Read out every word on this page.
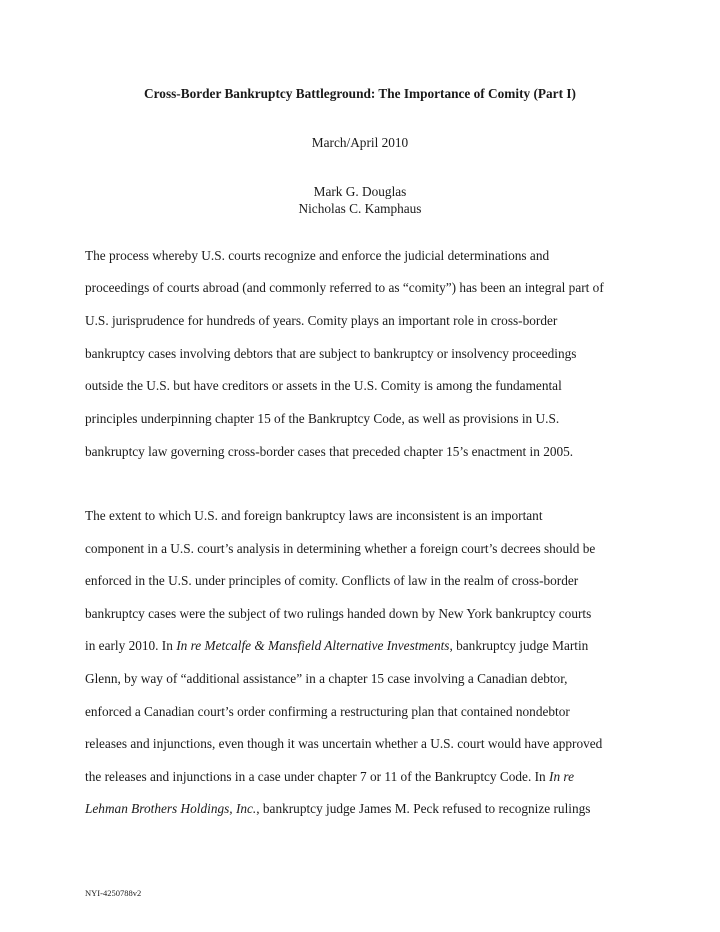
Cross-Border Bankruptcy Battleground: The Importance of Comity (Part I)
March/April 2010
Mark G. Douglas
Nicholas C. Kamphaus
The process whereby U.S. courts recognize and enforce the judicial determinations and
proceedings of courts abroad (and commonly referred to as “comity”) has been an integral part of
U.S. jurisprudence for hundreds of years. Comity plays an important role in cross-border
bankruptcy cases involving debtors that are subject to bankruptcy or insolvency proceedings
outside the U.S. but have creditors or assets in the U.S. Comity is among the fundamental
principles underpinning chapter 15 of the Bankruptcy Code, as well as provisions in U.S.
bankruptcy law governing cross-border cases that preceded chapter 15’s enactment in 2005.
The extent to which U.S. and foreign bankruptcy laws are inconsistent is an important
component in a U.S. court’s analysis in determining whether a foreign court’s decrees should be
enforced in the U.S. under principles of comity. Conflicts of law in the realm of cross-border
bankruptcy cases were the subject of two rulings handed down by New York bankruptcy courts
in early 2010. In In re Metcalfe & Mansfield Alternative Investments, bankruptcy judge Martin
Glenn, by way of “additional assistance” in a chapter 15 case involving a Canadian debtor,
enforced a Canadian court’s order confirming a restructuring plan that contained nondebtor
releases and injunctions, even though it was uncertain whether a U.S. court would have approved
the releases and injunctions in a case under chapter 7 or 11 of the Bankruptcy Code. In In re
Lehman Brothers Holdings, Inc., bankruptcy judge James M. Peck refused to recognize rulings
NYI-4250788v2
